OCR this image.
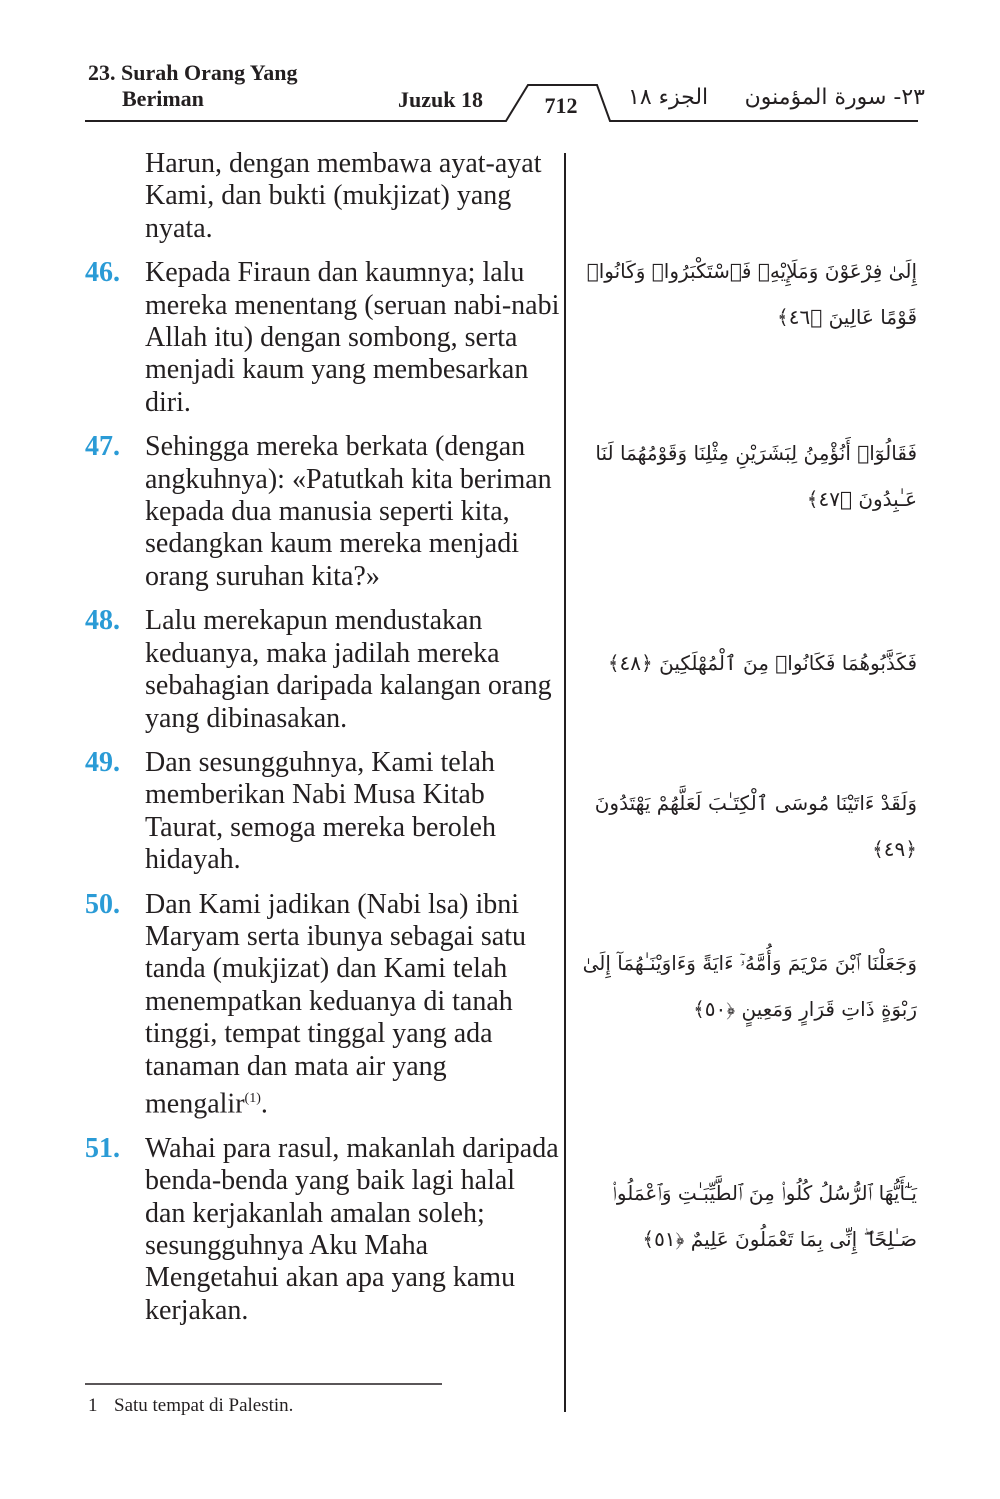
23. Surah Orang Yang
Beriman	Juzuk 18	712	الجزء ١٨ ٢٣- سورة المؤمنون
Harun, dengan membawa ayat-ayat Kami, dan bukti (mukjizat) yang nyata.
46. Kepada Firaun dan kaumnya; lalu mereka menentang (seruan nabi-nabi Allah itu) dengan sombong, serta menjadi kaum yang membesarkan diri.
47. Sehingga mereka berkata (dengan angkuhnya): «Patutkah kita beriman kepada dua manusia seperti kita, sedangkan kaum mereka menjadi orang suruhan kita?»
48. Lalu merekapun mendustakan keduanya, maka jadilah mereka sebahagian daripada kalangan orang yang dibinasakan.
49. Dan sesungguhnya, Kami telah memberikan Nabi Musa Kitab Taurat, semoga mereka beroleh hidayah.
50. Dan Kami jadikan (Nabi lsa) ibni Maryam serta ibunya sebagai satu tanda (mukjizat) dan Kami telah menempatkan keduanya di tanah tinggi, tempat tinggal yang ada tanaman dan mata air yang mengalir$^{(1)}$.
51. Wahai para rasul, makanlah daripada benda-benda yang baik lagi halal dan kerjakanlah amalan soleh; sesungguhnya Aku Maha Mengetahui akan apa yang kamu kerjakan.
إِلَىٰ فِرْعَوْنَ وَمَلَإِيْهِۦ فَٱسْتَكْبَرُوا۟ وَكَانُوا۟ قَوْمًا عَالِينَ ﴿٤٦﴾
فَقَالُوٓا۟ أَنُؤْمِنُ لِبَشَرَيْنِ مِثْلِنَا وَقَوْمُهُمَا لَنَا عَـٰبِدُونَ ﴿٤٧﴾
فَكَذَّبُوهُمَا فَكَانُوا۟ مِنَ ٱلْمُهْلَكِينَ ﴿٤٨﴾
وَلَقَدْ ءَاتَيْنَا مُوسَى ٱلْكِتَـٰبَ لَعَلَّهُمْ يَهْتَدُونَ ﴿٤٩﴾
وَجَعَلْنَا ٱبْنَ مَرْيَمَ وَأُمَّهُۥٓ ءَايَةً وَءَاوَيْنَـٰهُمَآ إِلَىٰ رَبْوَةٍ ذَاتِ قَرَارٍ وَمَعِينٍ ﴿٥٠﴾
يَـٰٓأَيُّهَا ٱلرُّسُلُ كُلُوا۟ مِنَ ٱلطَّيِّبَـٰتِ وَٱعْمَلُوا۟ صَـٰلِحًا ۖ إِنِّى بِمَا تَعْمَلُونَ عَلِيمٌ ﴿٥١﴾
1 Satu tempat di Palestin.
